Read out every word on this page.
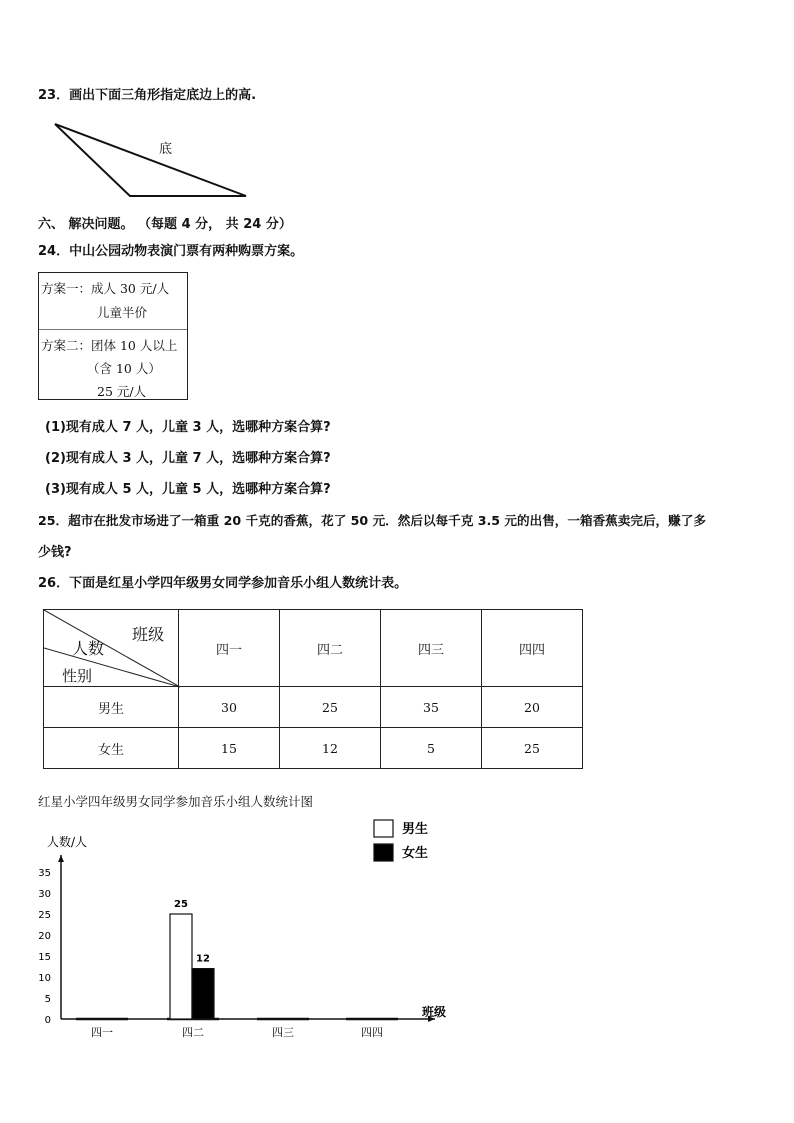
23．画出下面三角形指定底边上的高.
底
六、 解决问题。 （每题 4 分， 共 24 分）
24．中山公园动物表演门票有两种购票方案。
方案一：成人 30 元/人
儿童半价
方案二：团体 10 人以上
（含 10 人）
25 元/人
(1)现有成人 7 人，儿童 3 人，选哪种方案合算?
(2)现有成人 3 人，儿童 7 人，选哪种方案合算?
(3)现有成人 5 人，儿童 5 人，选哪种方案合算?
25．超市在批发市场进了一箱重 20 千克的香蕉，花了 50 元．然后以每千克 3.5 元的出售，一箱香蕉卖完后，赚了多
少钱?
26．下面是红星小学四年级男女同学参加音乐小组人数统计表。
班级
人数
性别	四一	四二	四三	四四
男生	30	25	35	20
女生	15	12	5	25
红星小学四年级男女同学参加音乐小组人数统计图
0
5
10
15
20
25
30
35
四一	四二	四三	四四
25
12
男生
女生
人数/人
班级
